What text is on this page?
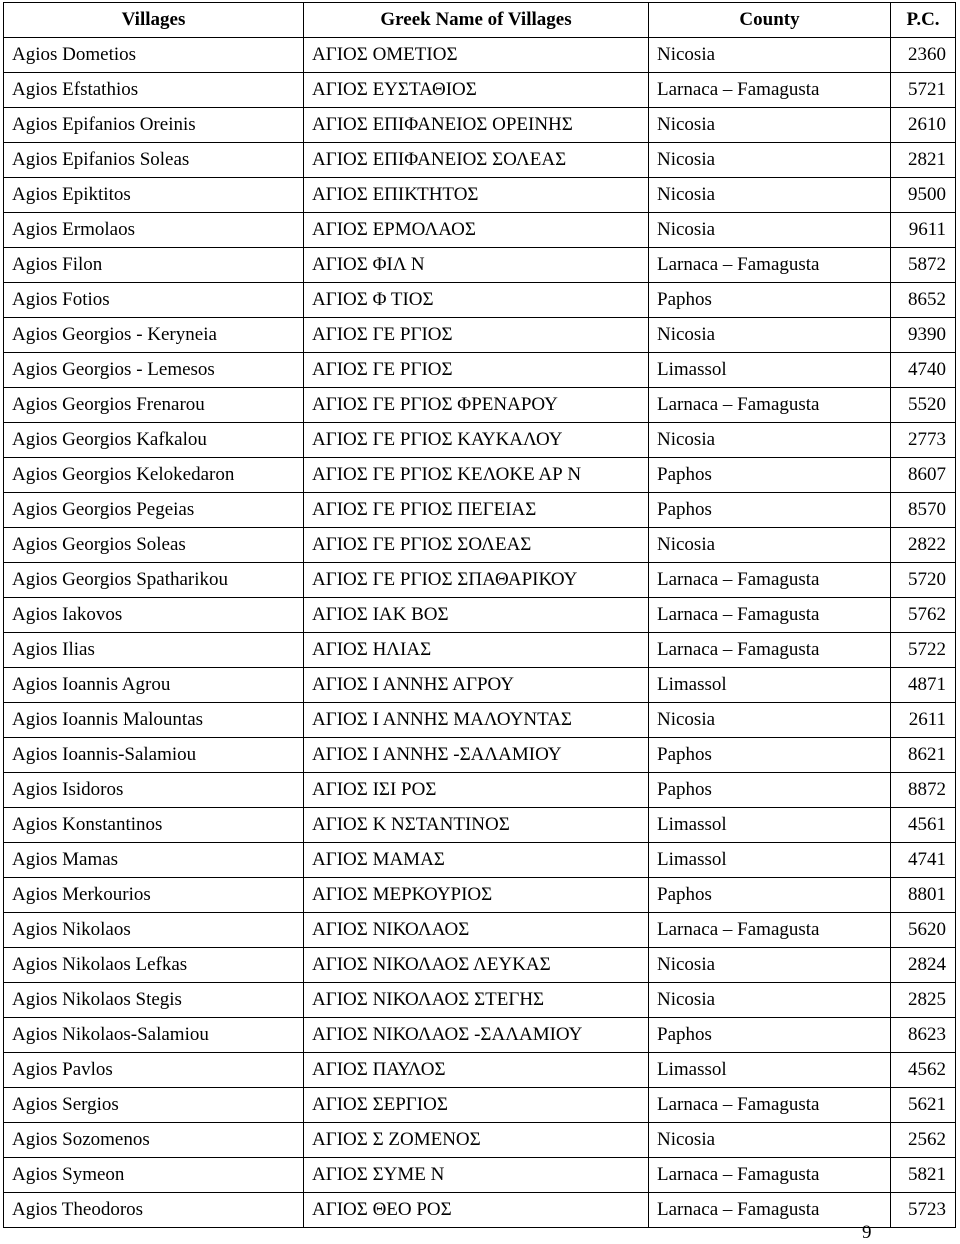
Villages	Greek Name of Villages	County	P.C.
Agios Dometios	ΑΓΙΟΣ ΟΜΕΤΙΟΣ	Nicosia	2360
Agios Efstathios	ΑΓΙΟΣ ΕΥΣΤΑΘΙΟΣ	Larnaca – Famagusta	5721
Agios Epifanios Oreinis	ΑΓΙΟΣ ΕΠΙΦΑΝΕΙΟΣ ΟΡΕΙΝΗΣ	Nicosia	2610
Agios Epifanios Soleas	ΑΓΙΟΣ ΕΠΙΦΑΝΕΙΟΣ ΣΟΛΕΑΣ	Nicosia	2821
Agios Epiktitos	ΑΓΙΟΣ ΕΠΙΚΤΗΤΟΣ	Nicosia	9500
Agios Ermolaos	ΑΓΙΟΣ ΕΡΜΟΛΑΟΣ	Nicosia	9611
Agios Filon	ΑΓΙΟΣ ΦΙΛ Ν	Larnaca – Famagusta	5872
Agios Fotios	ΑΓΙΟΣ Φ ΤΙΟΣ	Paphos	8652
Agios Georgios - Keryneia	ΑΓΙΟΣ ΓΕ ΡΓΙΟΣ	Nicosia	9390
Agios Georgios - Lemesos	ΑΓΙΟΣ ΓΕ ΡΓΙΟΣ	Limassol	4740
Agios Georgios Frenarou	ΑΓΙΟΣ ΓΕ ΡΓΙΟΣ ΦΡΕΝΑΡΟΥ	Larnaca – Famagusta	5520
Agios Georgios Kafkalou	ΑΓΙΟΣ ΓΕ ΡΓΙΟΣ ΚΑΥΚΑΛΟΥ	Nicosia	2773
Agios Georgios Kelokedaron	ΑΓΙΟΣ ΓΕ ΡΓΙΟΣ ΚΕΛΟΚΕ ΑΡ Ν	Paphos	8607
Agios Georgios Pegeias	ΑΓΙΟΣ ΓΕ ΡΓΙΟΣ ΠΕΓΕΙΑΣ	Paphos	8570
Agios Georgios Soleas	ΑΓΙΟΣ ΓΕ ΡΓΙΟΣ ΣΟΛΕΑΣ	Nicosia	2822
Agios Georgios Spatharikou	ΑΓΙΟΣ ΓΕ ΡΓΙΟΣ ΣΠΑΘΑΡΙΚΟΥ	Larnaca – Famagusta	5720
Agios Iakovos	ΑΓΙΟΣ ΙΑΚ ΒΟΣ	Larnaca – Famagusta	5762
Agios Ilias	ΑΓΙΟΣ ΗΛΙΑΣ	Larnaca – Famagusta	5722
Agios Ioannis Agrou	ΑΓΙΟΣ Ι ΑΝΝΗΣ ΑΓΡΟΥ	Limassol	4871
Agios Ioannis Malountas	ΑΓΙΟΣ Ι ΑΝΝΗΣ ΜΑΛΟΥΝΤΑΣ	Nicosia	2611
Agios Ioannis-Salamiou	ΑΓΙΟΣ Ι ΑΝΝΗΣ -ΣΑΛΑΜΙΟΥ	Paphos	8621
Agios Isidoros	ΑΓΙΟΣ ΙΣΙ ΡΟΣ	Paphos	8872
Agios Konstantinos	ΑΓΙΟΣ Κ ΝΣΤΑΝΤΙΝΟΣ	Limassol	4561
Agios Mamas	ΑΓΙΟΣ ΜΑΜΑΣ	Limassol	4741
Agios Merkourios	ΑΓΙΟΣ ΜΕΡΚΟΥΡΙΟΣ	Paphos	8801
Agios Nikolaos	ΑΓΙΟΣ ΝΙΚΟΛΑΟΣ	Larnaca – Famagusta	5620
Agios Nikolaos Lefkas	ΑΓΙΟΣ ΝΙΚΟΛΑΟΣ ΛΕΥΚΑΣ	Nicosia	2824
Agios Nikolaos Stegis	ΑΓΙΟΣ ΝΙΚΟΛΑΟΣ ΣΤΕΓΗΣ	Nicosia	2825
Agios Nikolaos-Salamiou	ΑΓΙΟΣ ΝΙΚΟΛΑΟΣ -ΣΑΛΑΜΙΟΥ	Paphos	8623
Agios Pavlos	ΑΓΙΟΣ ΠΑΥΛΟΣ	Limassol	4562
Agios Sergios	ΑΓΙΟΣ ΣΕΡΓΙΟΣ	Larnaca – Famagusta	5621
Agios Sozomenos	ΑΓΙΟΣ Σ ΖΟΜΕΝΟΣ	Nicosia	2562
Agios Symeon	ΑΓΙΟΣ ΣΥΜΕ Ν	Larnaca – Famagusta	5821
Agios Theodoros	ΑΓΙΟΣ ΘΕΟ ΡΟΣ	Larnaca – Famagusta	5723
9
